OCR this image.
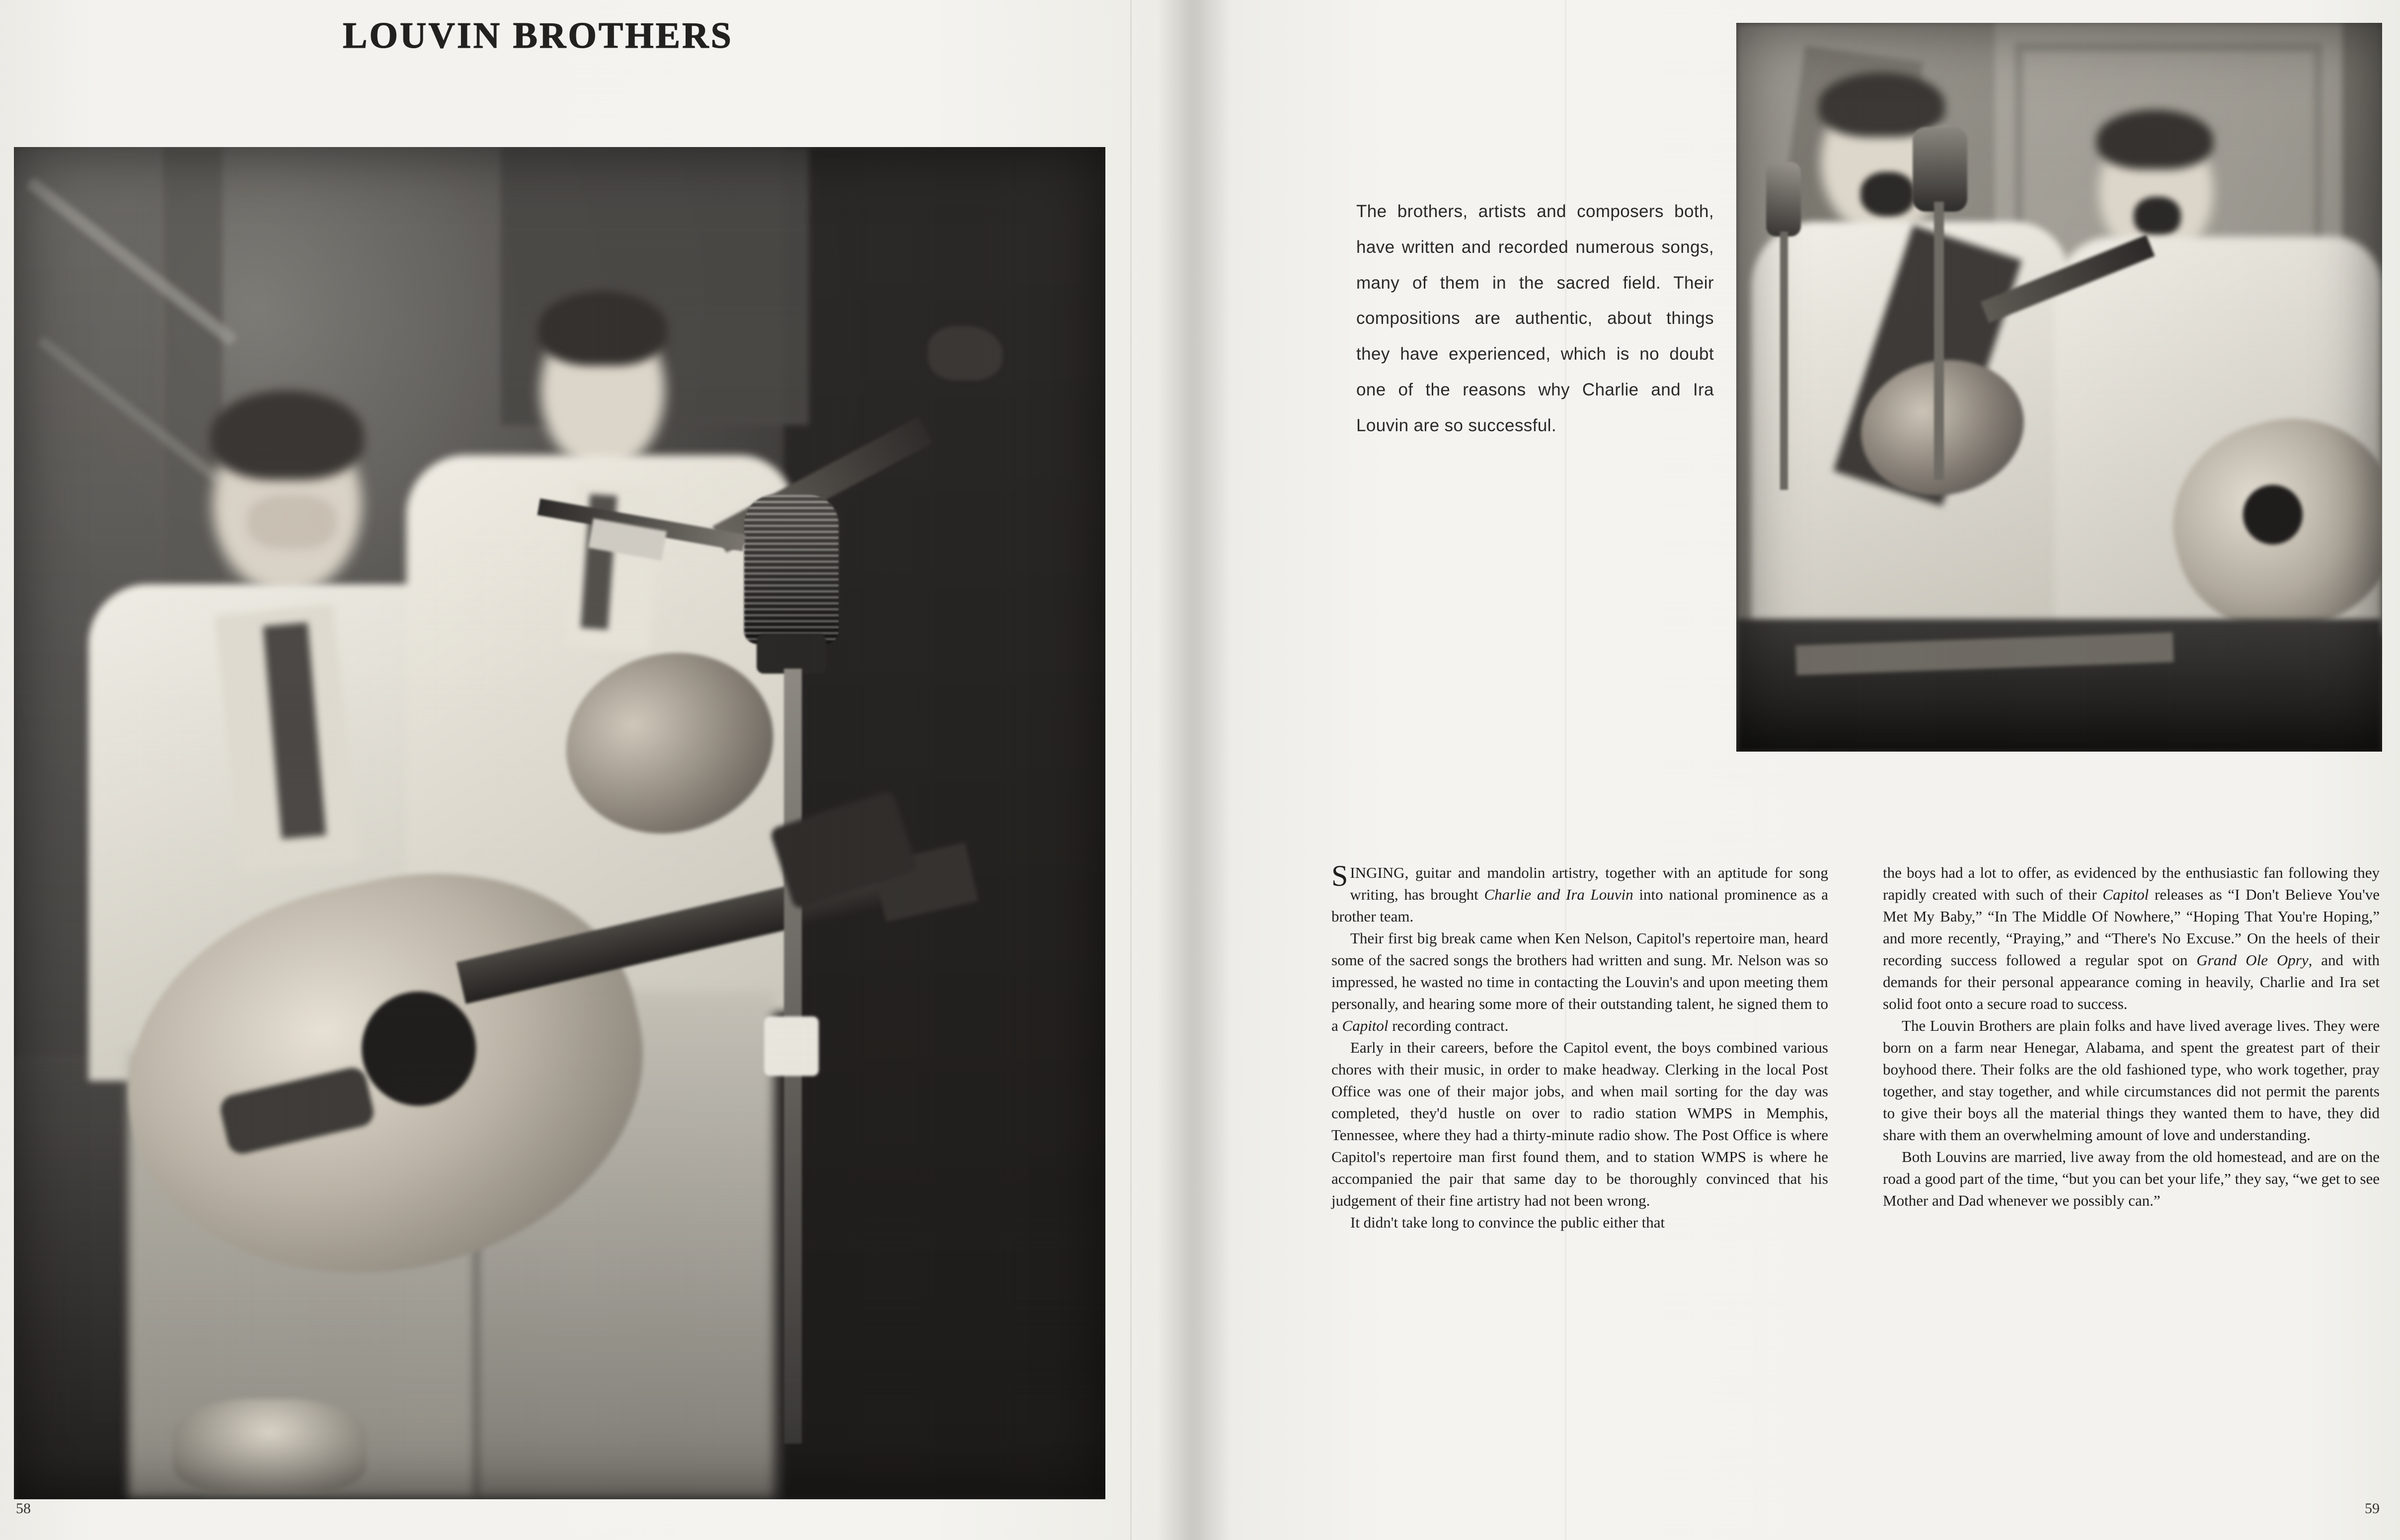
LOUVIN BROTHERS
The brothers, artists and composers both, have written and recorded numerous songs, many of them in the sacred field. Their compositions are authentic, about things they have experienced, which is no doubt one of the reasons why Charlie and Ira Louvin are so successful.

SINGING, guitar and mandolin artistry, together with an aptitude for song writing, has brought Charlie and Ira Louvin into national prominence as a brother team.

Their first big break came when Ken Nelson, Capitol's repertoire man, heard some of the sacred songs the brothers had written and sung. Mr. Nelson was so impressed, he wasted no time in contacting the Louvin's and upon meeting them personally, and hearing some more of their outstanding talent, he signed them to a Capitol recording contract.

Early in their careers, before the Capitol event, the boys combined various chores with their music, in order to make headway. Clerking in the local Post Office was one of their major jobs, and when mail sorting for the day was completed, they'd hustle on over to radio station WMPS in Memphis, Tennessee, where they had a thirty-minute radio show. The Post Office is where Capitol's repertoire man first found them, and to station WMPS is where he accompanied the pair that same day to be thoroughly convinced that his judgement of their fine artistry had not been wrong.

It didn't take long to convince the public either that

the boys had a lot to offer, as evidenced by the enthusiastic fan following they rapidly created with such of their Capitol releases as “I Don't Believe You've Met My Baby,” “In The Middle Of Nowhere,” “Hoping That You're Hoping,” and more recently, “Praying,” and “There's No Excuse.” On the heels of their recording success followed a regular spot on Grand Ole Opry, and with demands for their personal appearance coming in heavily, Charlie and Ira set solid foot onto a secure road to success.

The Louvin Brothers are plain folks and have lived average lives. They were born on a farm near Henegar, Alabama, and spent the greatest part of their boyhood there. Their folks are the old fashioned type, who work together, pray together, and stay together, and while circumstances did not permit the parents to give their boys all the material things they wanted them to have, they did share with them an overwhelming amount of love and understanding.

Both Louvins are married, live away from the old homestead, and are on the road a good part of the time, “but you can bet your life,” they say, “we get to see Mother and Dad whenever we possibly can.”

58	59
